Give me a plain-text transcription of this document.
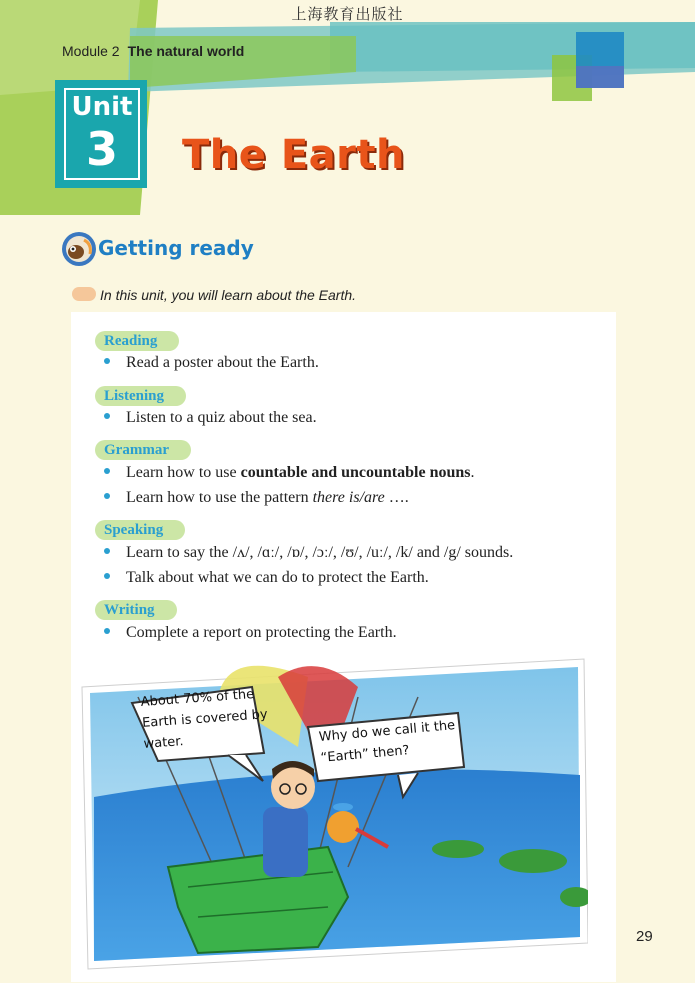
上海教育出版社
Module 2 The natural world
Unit
3	The Earth
Getting ready
In this unit, you will learn about the Earth.
Reading
Read a poster about the Earth.
Listening
Listen to a quiz about the sea.
Grammar
Learn how to use countable and uncountable nouns.
Learn how to use the pattern there is/are ….
Speaking
Learn to say the /ʌ/, /ɑː/, /ɒ/, /ɔː/, /ʊ/, /uː/, /k/ and /g/ sounds.
Talk about what we can do to protect the Earth.
Writing
Complete a report on protecting the Earth.
About 70% of the
Earth is covered by
water.	Why do we call it the
“Earth” then?
29
